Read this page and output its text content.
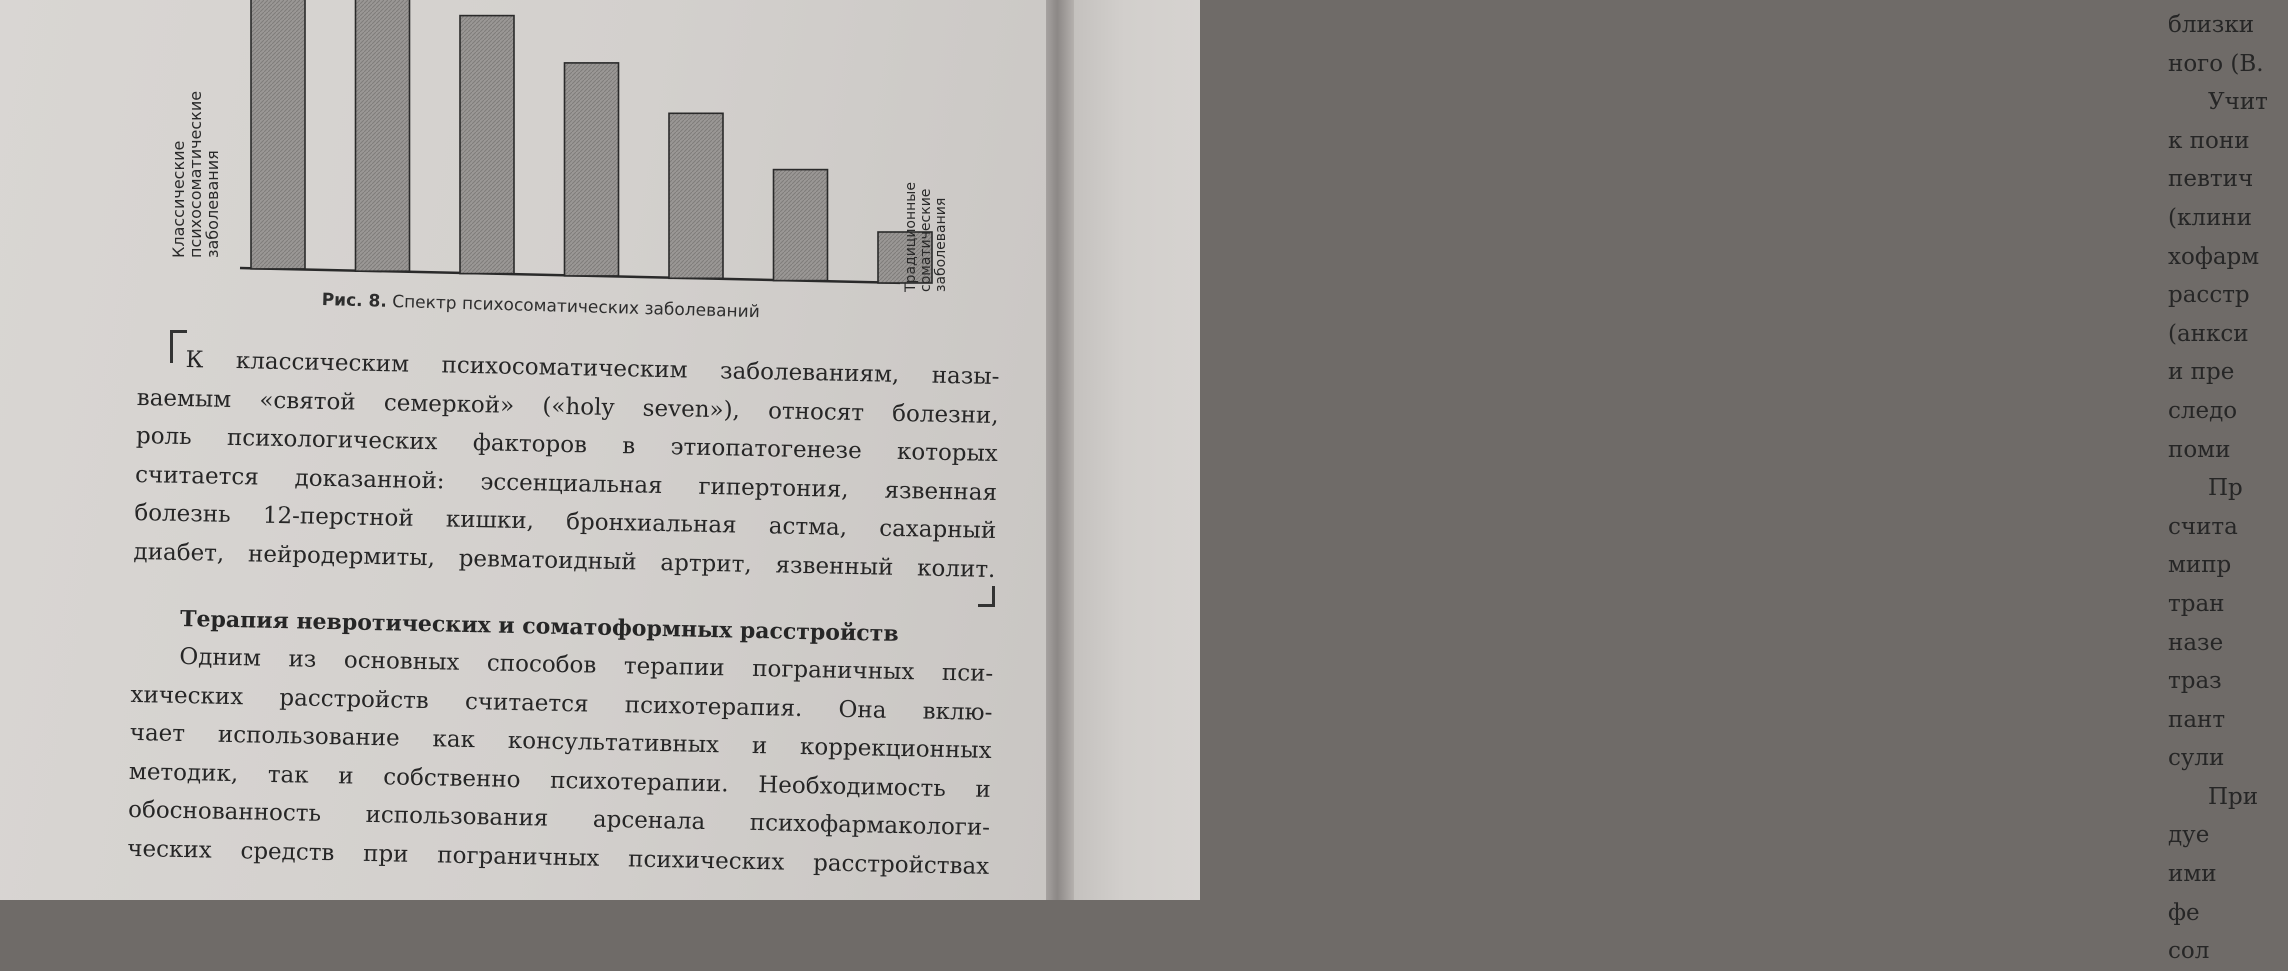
Классическиепсихосоматическиезаболевания	Традиционныесоматическиезаболевания
Рис. 8. Спектр психосоматических заболеваний
К классическим психосоматическим заболеваниям, назы-
ваемым «святой семеркой» («holy seven»), относят болезни,
роль психологических факторов в этиопатогенезе которых
считается доказанной: эссенциальная гипертония, язвенная
болезнь 12-перстной кишки, бронхиальная астма, сахарный
диабет, нейродермиты, ревматоидный артрит, язвенный колит.
Терапия невротических и соматоформных расстройств
Одним из основных способов терапии пограничных пси-
хических расстройств считается психотерапия. Она вклю-
чает использование как консультативных и коррекционных
методик, так и собственно психотерапии. Необходимость и
обоснованность использования арсенала психофармакологи-
ческих средств при пограничных психических расстройствах
близки
ного (В.
Учит
к пони
певтич
(клини
хофарм
расстр
(анкси
и пре
следо
поми
Пр
счита
мипр
тран
назе
траз
пант
сули
При
дуе
ими
фе
сол
